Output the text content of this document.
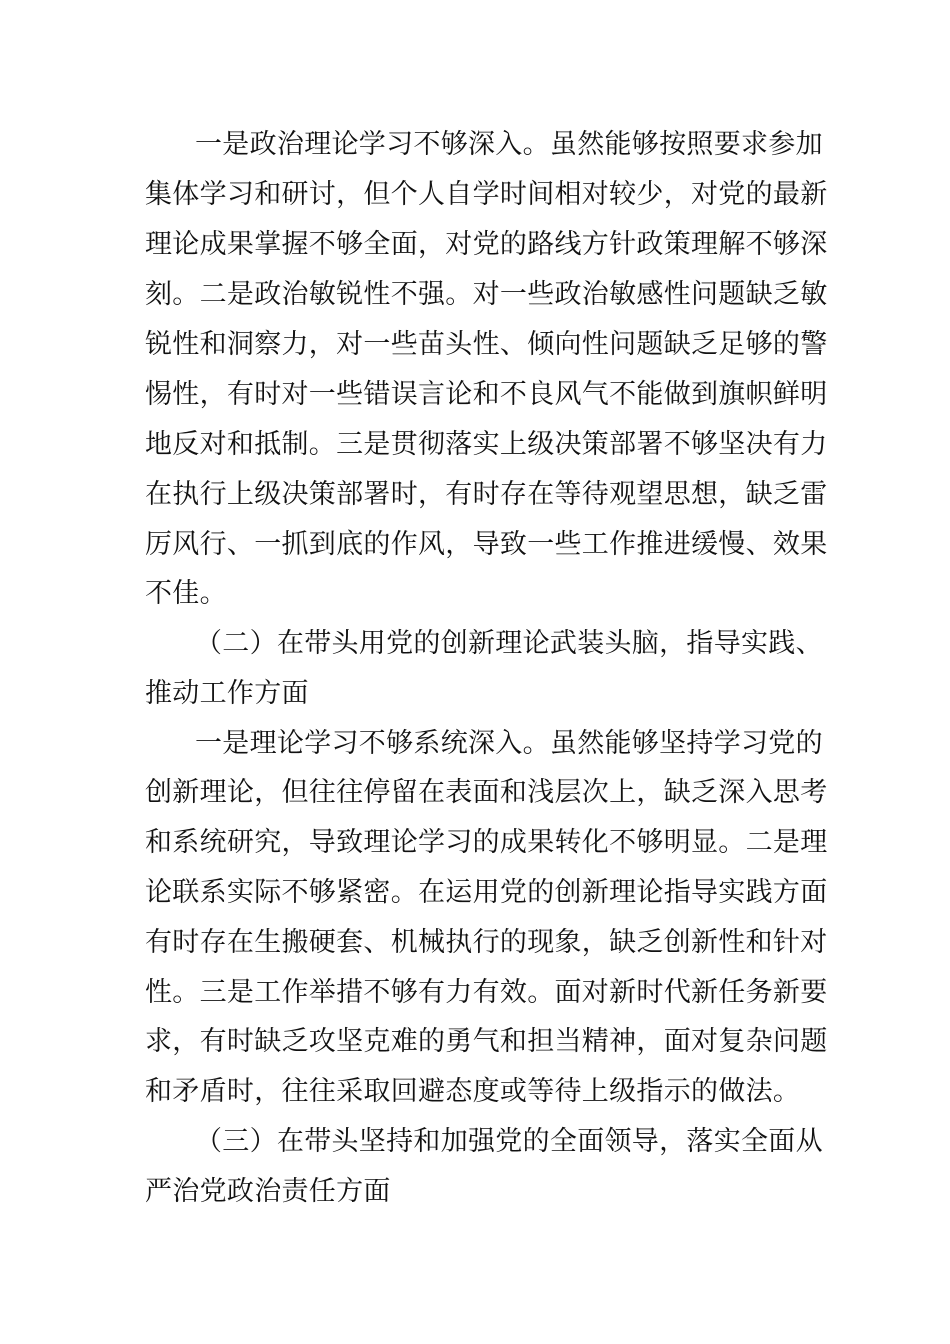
一是政治理论学习不够深入。虽然能够按照要求参加
集体学习和研讨，但个人自学时间相对较少，对党的最新
理论成果掌握不够全面，对党的路线方针政策理解不够深
刻。二是政治敏锐性不强。对一些政治敏感性问题缺乏敏
锐性和洞察力，对一些苗头性、倾向性问题缺乏足够的警
惕性，有时对一些错误言论和不良风气不能做到旗帜鲜明
地反对和抵制。三是贯彻落实上级决策部署不够坚决有力
在执行上级决策部署时，有时存在等待观望思想，缺乏雷
厉风行、一抓到底的作风，导致一些工作推进缓慢、效果
不佳。
（二）在带头用党的创新理论武装头脑，指导实践、
推动工作方面
一是理论学习不够系统深入。虽然能够坚持学习党的
创新理论，但往往停留在表面和浅层次上，缺乏深入思考
和系统研究，导致理论学习的成果转化不够明显。二是理
论联系实际不够紧密。在运用党的创新理论指导实践方面
有时存在生搬硬套、机械执行的现象，缺乏创新性和针对
性。三是工作举措不够有力有效。面对新时代新任务新要
求，有时缺乏攻坚克难的勇气和担当精神，面对复杂问题
和矛盾时，往往采取回避态度或等待上级指示的做法。
（三）在带头坚持和加强党的全面领导，落实全面从
严治党政治责任方面
